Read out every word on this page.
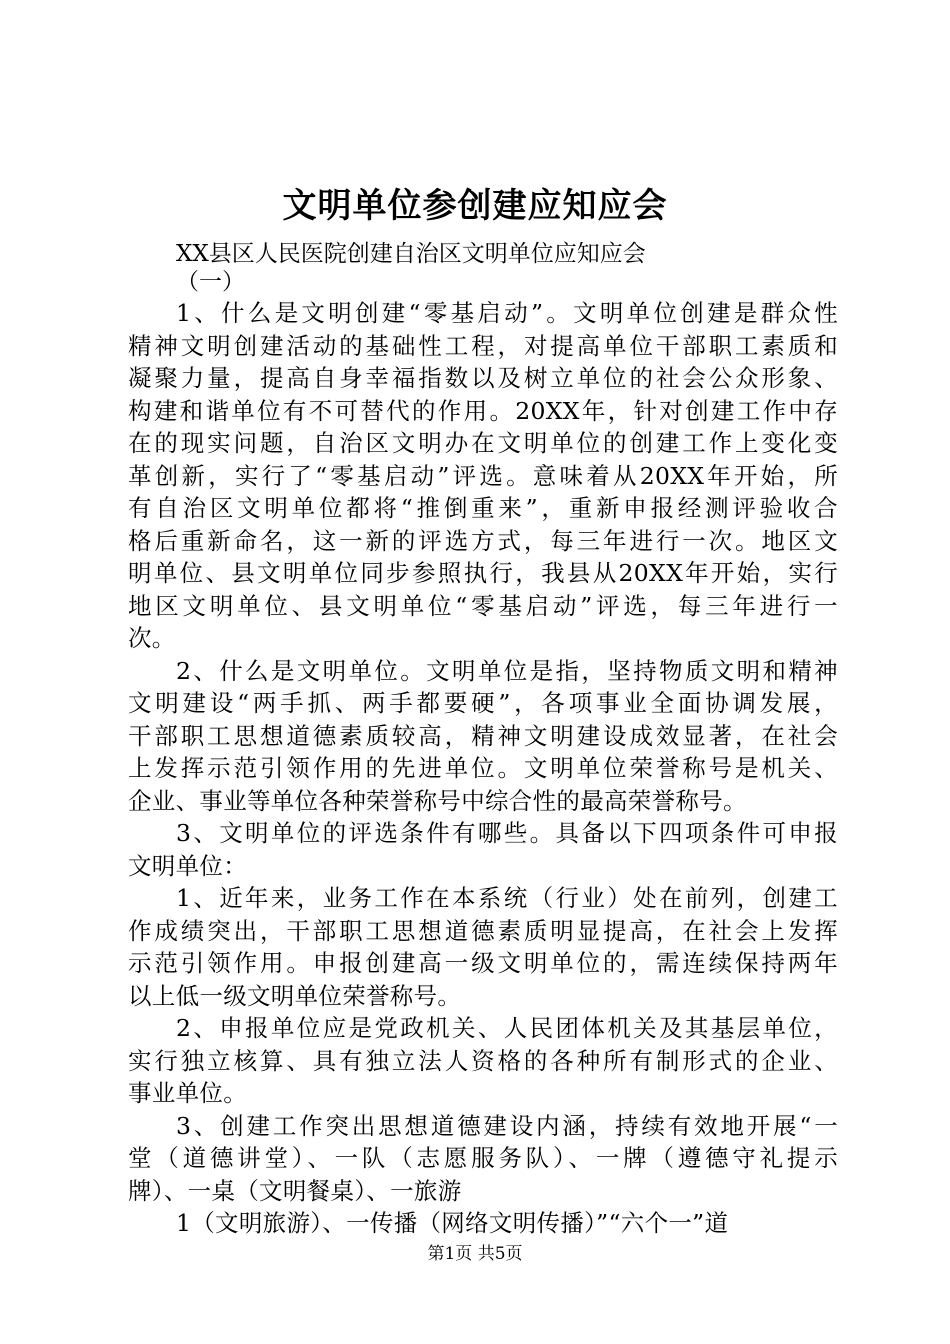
文明单位参创建应知应会
XX县区人民医院创建自治区文明单位应知应会
（一）
1、什么是文明创建“零基启动”。文明单位创建是群众性
精神文明创建活动的基础性工程，对提高单位干部职工素质和
凝聚力量，提高自身幸福指数以及树立单位的社会公众形象、
构建和谐单位有不可替代的作用。20XX年，针对创建工作中存
在的现实问题，自治区文明办在文明单位的创建工作上变化变
革创新，实行了“零基启动”评选。意味着从20XX年开始，所
有自治区文明单位都将“推倒重来”，重新申报经测评验收合
格后重新命名，这一新的评选方式，每三年进行一次。地区文
明单位、县文明单位同步参照执行，我县从20XX年开始，实行
地区文明单位、县文明单位“零基启动”评选，每三年进行一
次。
2、什么是文明单位。文明单位是指，坚持物质文明和精神
文明建设“两手抓、两手都要硬”，各项事业全面协调发展，
干部职工思想道德素质较高，精神文明建设成效显著，在社会
上发挥示范引领作用的先进单位。文明单位荣誉称号是机关、
企业、事业等单位各种荣誉称号中综合性的最高荣誉称号。
3、文明单位的评选条件有哪些。具备以下四项条件可申报
文明单位：
1、近年来，业务工作在本系统（行业）处在前列，创建工
作成绩突出，干部职工思想道德素质明显提高，在社会上发挥
示范引领作用。申报创建高一级文明单位的，需连续保持两年
以上低一级文明单位荣誉称号。
2、申报单位应是党政机关、人民团体机关及其基层单位，
实行独立核算、具有独立法人资格的各种所有制形式的企业、
事业单位。
3、创建工作突出思想道德建设内涵，持续有效地开展“一
堂（道德讲堂）、一队（志愿服务队）、一牌（遵德守礼提示
牌）、一桌（文明餐桌）、一旅游
1（文明旅游）、一传播（网络文明传播）”“六个一”道
第1页 共5页
